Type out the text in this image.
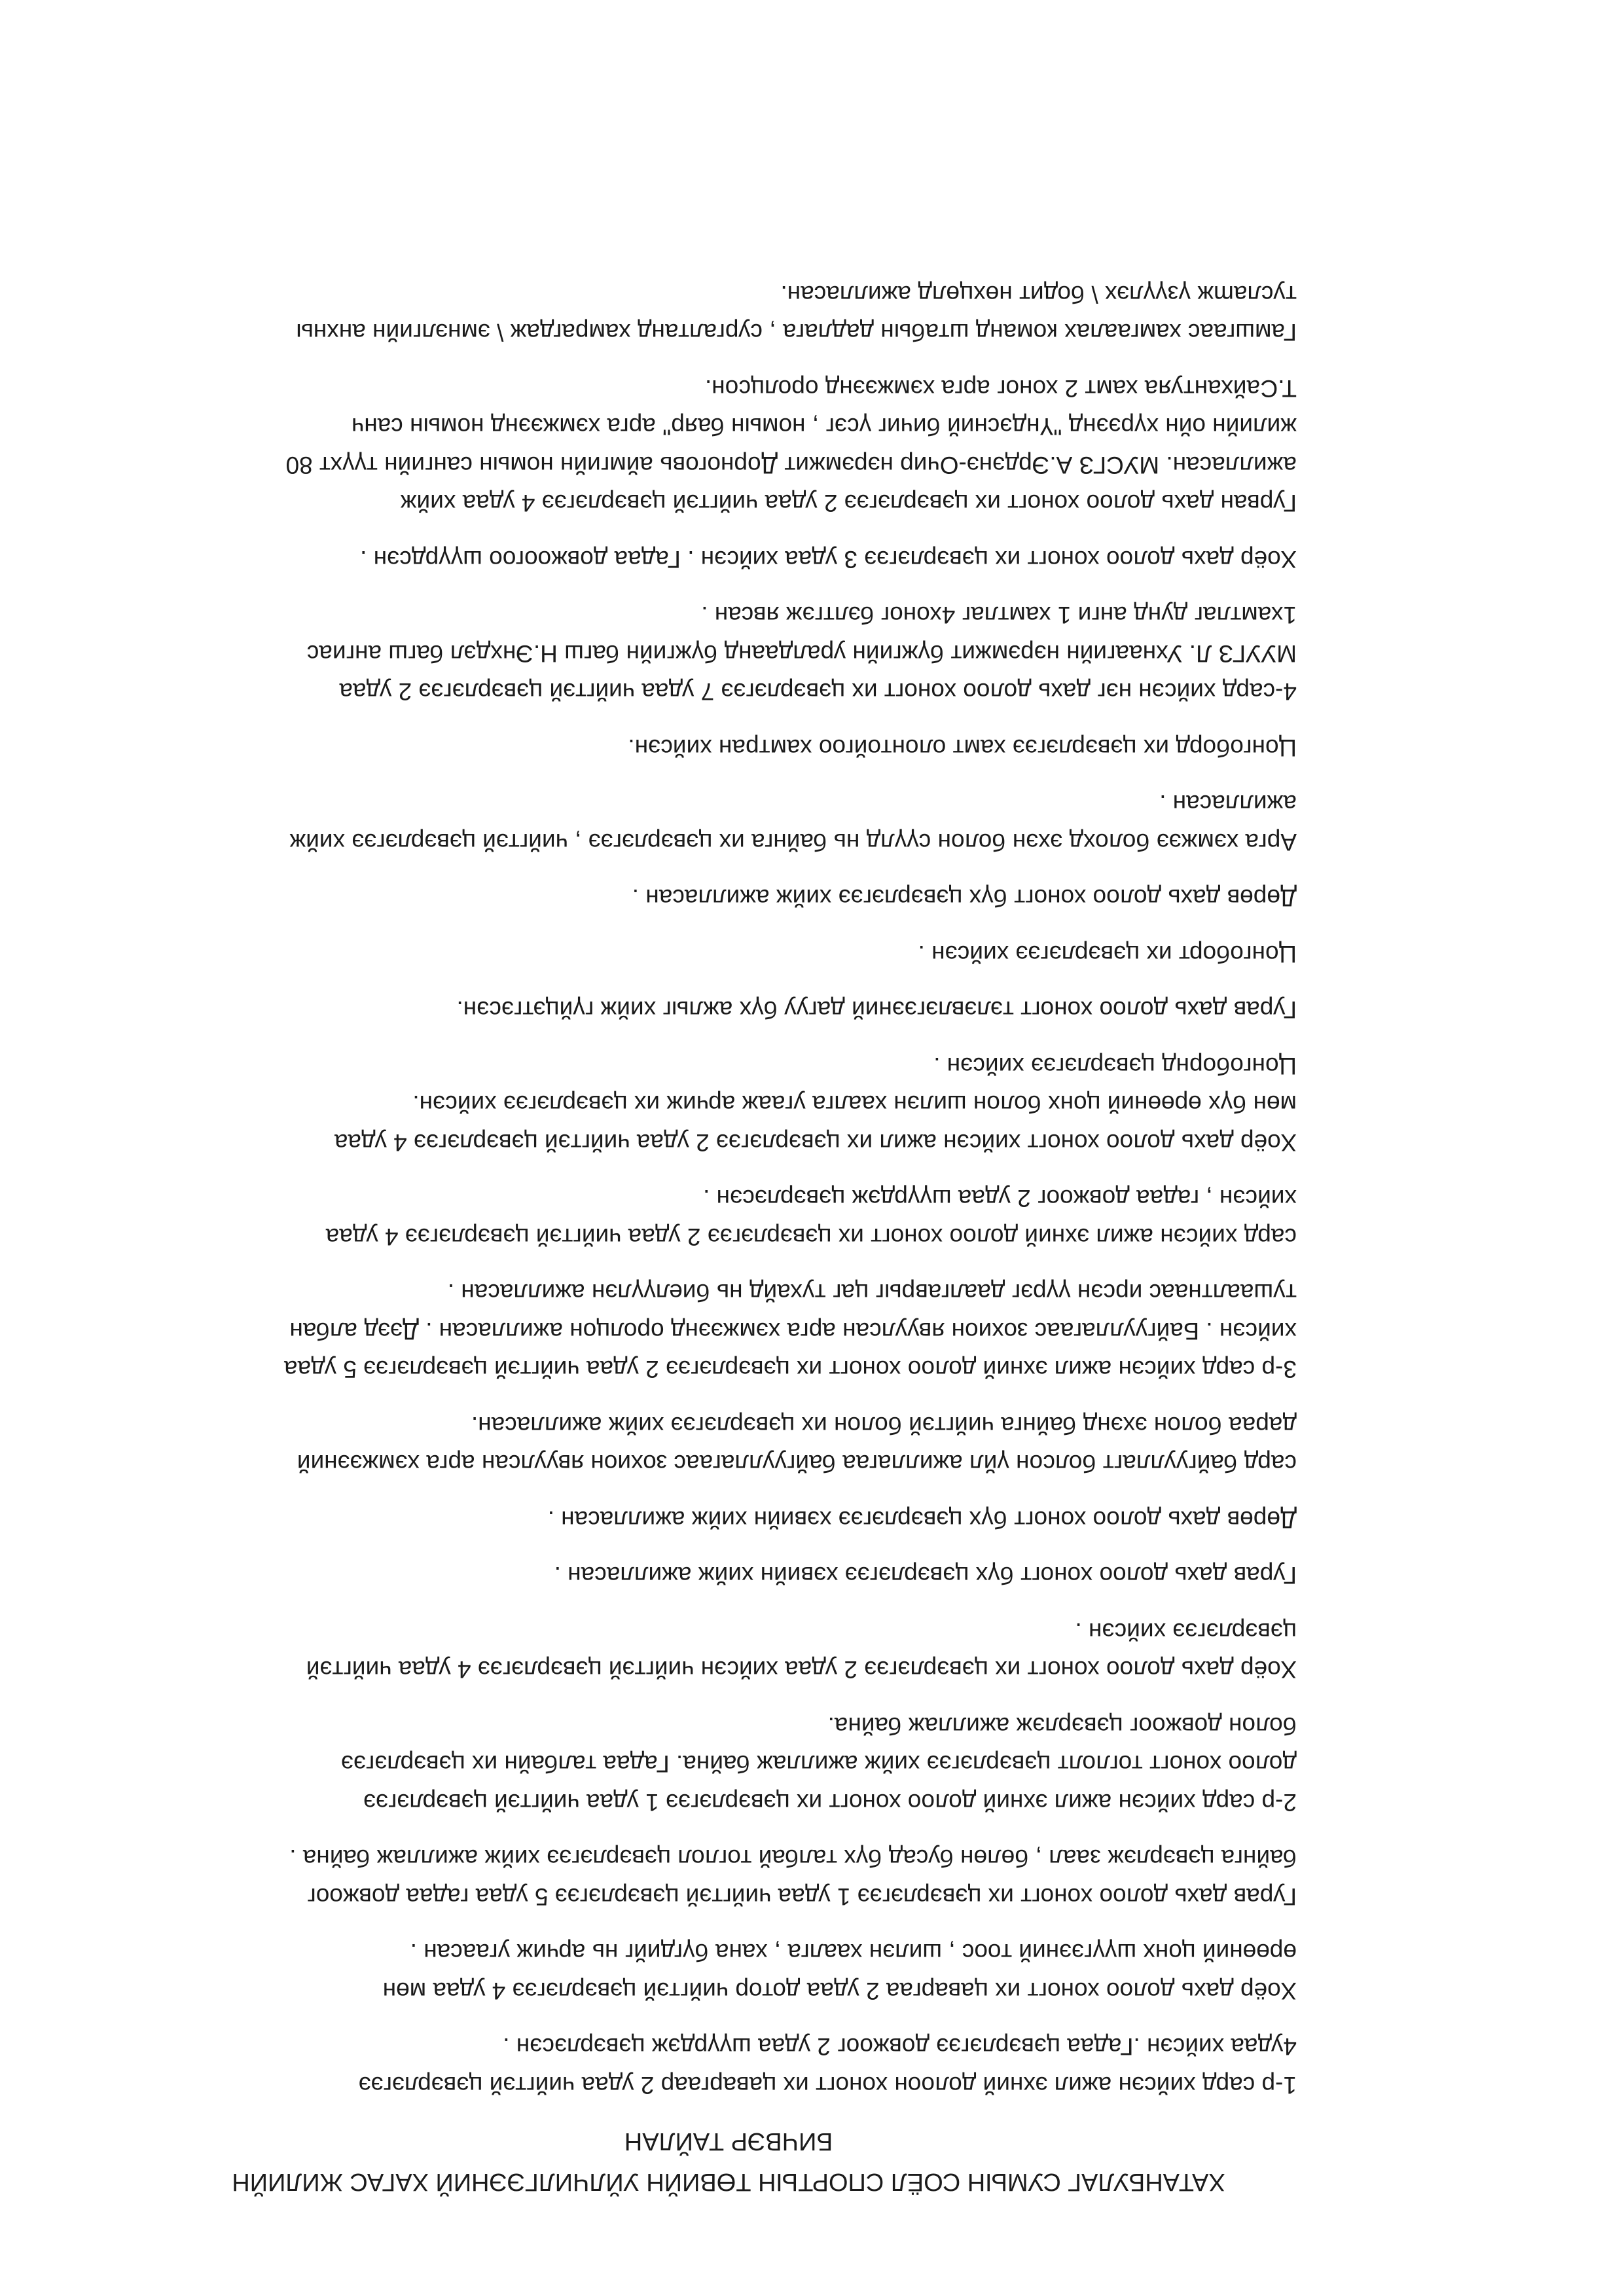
ХАТАНБУЛАГ СУМЫН СОЁЛ СПОРТЫН ТӨВИЙН УЙЛЧИЛГЭЭНИЙ ХАГАС ЖИЛИЙН
БИЧВЭР ТАЙЛАН

1-р сард хийсэн ажил эхний долоон хоногт их цаваргаар 2 удаа чийгтэй цэвэрлэгээ
4удаа хийсэн .Гадаа цэвэрлэгээ довжоог 2 удаа шүүрдэж цэвэрлэсэн .

Хоёр дахь долоо хоногт их цаваргаа 2 удаа дотор чийгтэй цэвэрлэгээ 4 удаа мөн
өрөөний цонх шүүгээний тоос , шилэн хаалга , хана бүгдийг нь арчиж угаасан .

Гурав дахь долоо хоногт их цэвэрлэгээ 1 удаа чийгтэй цэвэрлэгээ 5 удаа гадаа довжоог
байнга цэвэрлэж заал , бөлөн бусад бүх талбай тоглол цэвэрлэгээ хийж ажиллаж байна .

2-р сард хийсэн ажил эхний долоо хоногт их цэвэрлэгээ 1 удаа чийгтэй цэвэрлэгээ
долоо хоногт тоглолт цэвэрлэгээ хийж ажиллаж байна. Гадаа талбайн их цэвэрлэгээ
болон довжоог цэвэрлэж ажиллаж байна.

Хоёр дахь долоо хоногт их цэвэрлэгээ 2 удаа хийсэн чийгтэй цэвэрлэгээ 4 удаа чийгтэй
цэвэрлэгээ хийсэн .

Гурав дахь долоо хоногт бүх цэвэрлэгээ хэвийн хийж ажилласан .

Дөрөв дахь долоо хоногт бүх цэвэрлэгээ хэвийн хийж ажилласан .

сард байгууллагт болсон үйл ажиллагаа байгууллагаас зохион явуулсан арга хэмжээний
дараа болон эхэнд байнга чийгтэй болон их цэвэрлэгээ хийж ажилласан.

3-р сард хийсэн ажил эхний долоо хоногт их цэвэрлэгээ 2 удаа чийгтэй цэвэрлэгээ 5 удаа
хийсэн . Байгууллагаас зохион явуулсан арга хэмжээнд оролцон ажилласан . Дээд албан
тушаалтнаас ирсэн үүрэг даалгаврыг цаг тухайд нь биелүүлэн ажилласан .

сард хийсэн ажил эхний долоо хоногт их цэвэрлэгээ 2 удаа чийгтэй цэвэрлэгээ 4 удаа
хийсэн , гадаа довжоог 2 удаа шүүрдэж цэвэрлэсэн .

Хоёр дахь долоо хоногт хийсэн ажил их цэвэрлэгээ 2 удаа чийгтэй цэвэрлэгээ 4 удаа
мөн бүх өрөөний цонх болон шилэн хаалга угааж арчиж их цэвэрлэгээ хийсэн.
Цонгоборнд цэвэрлэгээ хийсэн .

Гурав дахь долоо хоногт тэлэвлэгээний дагуу бүх ажлыг хийж гүйцэтгэсэн.

Цонгоборт их цэвэрлэгээ хийсэн .

Дөрөв дахь долоо хоногт бүх цэвэрлэгээ хийж ажилласан .

Арга хэмжээ болохд эхэн болон сүүлд нь байнга их цэвэрлэгээ , чийгтэй цэвэрлэгээ хийж
ажилласан .

Цонгоборд их цэвэрлэгээ хамт олонтойгоо хамтран хийсэн.

4-сард хийсэн нэг дахь долоо хоногт их цэвэрлэгээ 7 удаа чийгтэй цэвэрлэгээ 2 удаа
МУУГЗ Л. Ухнаагийн нэрэмжит бүжгийн уралдаанд бүжгийн багш Н.Энхдэл багш ангиас
1хамтлаг дунд анги 1 хамтлаг 4хоног бэлтгэж явсан .

Хоёр дахь долоо хоногт их цэвэрлэгээ 3 удаа хийсэн . Гадаа довжоогоо шүүрдсэн .

Гурван дахь долоо хоногт их цэвэрлэгээ 2 удаа чийгтэй цэвэрлэгээ 4 удаа хийж
ажилласан. МУСГЗ А.Эрдэнэ-Очир нэрэмжит Дорноговь аймгийн номын сангийн түүхт 80
жилийн ойн хүрээнд "Үндэсний бичиг үсэг , номын баяр" арга хэмжээнд номын санч
Т.Сайхантуяа хамт 2 хоног арга хэмжээнд оролцсон.

Гамшгаас хамгаалах команд штабын дадлага , сургалтанд хамрагдаж \ эмнэлгийн анхны
туслamж үзүүлэх \ бодит нөхцөлд ажилласан.
